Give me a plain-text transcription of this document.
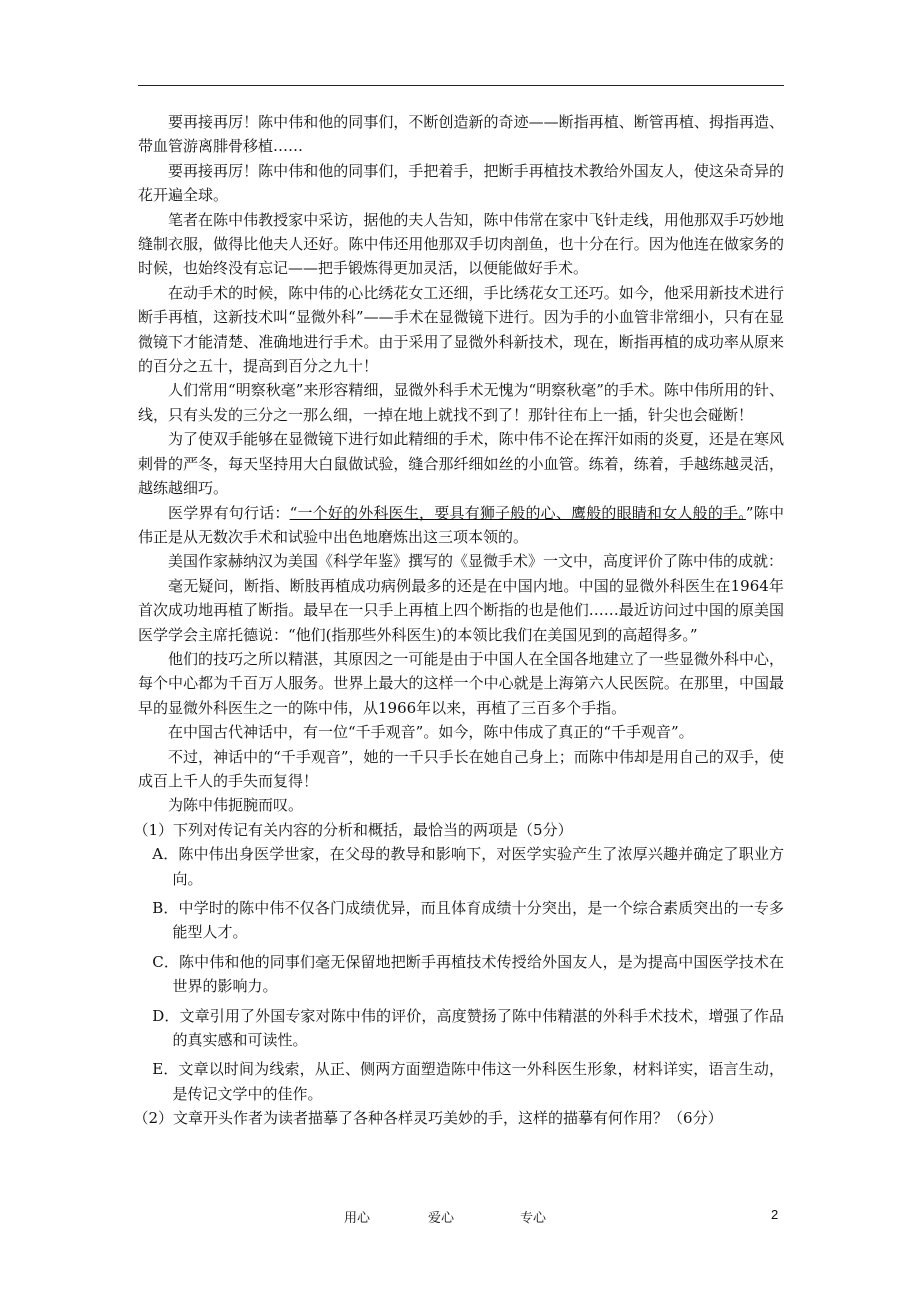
要再接再厉！陈中伟和他的同事们，不断创造新的奇迹——断指再植、断管再植、拇指再造、带血管游离腓骨移植……

要再接再厉！陈中伟和他的同事们，手把着手，把断手再植技术教给外国友人，使这朵奇异的花开遍全球。

笔者在陈中伟教授家中采访，据他的夫人告知，陈中伟常在家中飞针走线，用他那双手巧妙地缝制衣服，做得比他夫人还好。陈中伟还用他那双手切肉剖鱼，也十分在行。因为他连在做家务的时候，也始终没有忘记——把手锻炼得更加灵活，以便能做好手术。

在动手术的时候，陈中伟的心比绣花女工还细，手比绣花女工还巧。如今，他采用新技术进行断手再植，这新技术叫“显微外科”——手术在显微镜下进行。因为手的小血管非常细小，只有在显微镜下才能清楚、准确地进行手术。由于采用了显微外科新技术，现在，断指再植的成功率从原来的百分之五十，提高到百分之九十！

人们常用“明察秋毫”来形容精细，显微外科手术无愧为“明察秋毫”的手术。陈中伟所用的针、线，只有头发的三分之一那么细，一掉在地上就找不到了！那针往布上一插，针尖也会碰断！

为了使双手能够在显微镜下进行如此精细的手术，陈中伟不论在挥汗如雨的炎夏，还是在寒风刺骨的严冬，每天坚持用大白鼠做试验，缝合那纤细如丝的小血管。练着，练着，手越练越灵活，越练越细巧。

医学界有句行话：“一个好的外科医生，要具有狮子般的心、鹰般的眼睛和女人般的手。”陈中伟正是从无数次手术和试验中出色地磨炼出这三项本领的。

美国作家赫纳汉为美国《科学年鉴》撰写的《显微手术》一文中，高度评价了陈中伟的成就：

毫无疑问，断指、断肢再植成功病例最多的还是在中国内地。中国的显微外科医生在1964年首次成功地再植了断指。最早在一只手上再植上四个断指的也是他们……最近访问过中国的原美国医学学会主席托德说：“他们(指那些外科医生)的本领比我们在美国见到的高超得多。”

他们的技巧之所以精湛，其原因之一可能是由于中国人在全国各地建立了一些显微外科中心，每个中心都为千百万人服务。世界上最大的这样一个中心就是上海第六人民医院。在那里，中国最早的显微外科医生之一的陈中伟，从1966年以来，再植了三百多个手指。

在中国古代神话中，有一位“千手观音”。如今，陈中伟成了真正的“千手观音”。

不过，神话中的“千手观音”，她的一千只手长在她自己身上；而陈中伟却是用自己的双手，使成百上千人的手失而复得！

为陈中伟扼腕而叹。

（1）下列对传记有关内容的分析和概括，最恰当的两项是（5分）
A．陈中伟出身医学世家，在父母的教导和影响下，对医学实验产生了浓厚兴趣并确定了职业方向。
B．中学时的陈中伟不仅各门成绩优异，而且体育成绩十分突出，是一个综合素质突出的一专多能型人才。
C．陈中伟和他的同事们毫无保留地把断手再植技术传授给外国友人，是为提高中国医学技术在世界的影响力。
D．文章引用了外国专家对陈中伟的评价，高度赞扬了陈中伟精湛的外科手术技术，增强了作品的真实感和可读性。
E．文章以时间为线索，从正、侧两方面塑造陈中伟这一外科医生形象，材料详实，语言生动，是传记文学中的佳作。
（2）文章开头作者为读者描摹了各种各样灵巧美妙的手，这样的描摹有何作用？（6分）
用心	爱心	专心	2
